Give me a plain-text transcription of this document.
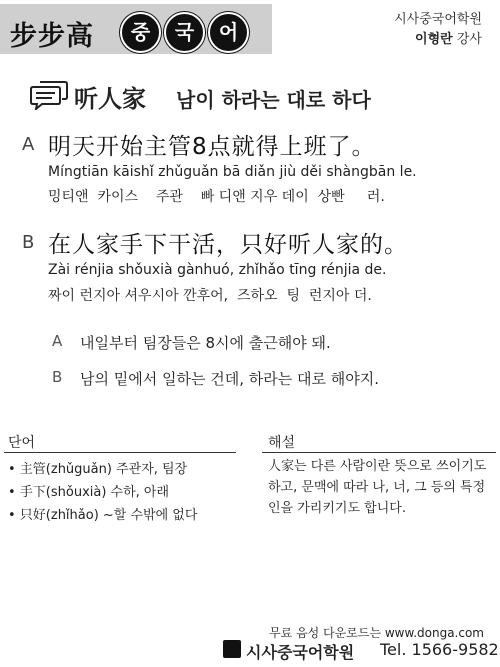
步步高	중	국	어
시사중국어학원
이형란 강사
听人家 남이 하라는 대로 하다
A 明天开始主管8点就得上班了。
Míngtiān kāishǐ zhǔguǎn bā diǎn jiù děi shàngbān le.
밍티앤  카이스    주관    빠 디앤 지우 데이  상빤     러.
B 在人家手下干活，只好听人家的。
Zài rénjia shǒuxià gànhuó, zhǐhǎo tīng rénjia de.
짜이 런지아 셔우시아 깐후어,  즈하오  팅  런지아 더.
A 내일부터 팀장들은 8시에 출근해야 돼.
B 남의 밑에서 일하는 건데, 하라는 대로 해야지.
단어
• 主管(zhǔguǎn) 주관자, 팀장
• 手下(shǒuxià) 수하, 아래
• 只好(zhǐhǎo) ~할 수밖에 없다
해설
人家는 다른 사람이란 뜻으로 쓰이기도 하고, 문맥에 따라 나, 너, 그 등의 특정인을 가리키기도 합니다.
무료 음성 다운로드는 www.donga.com
시사중국어학원 Tel. 1566-9582
